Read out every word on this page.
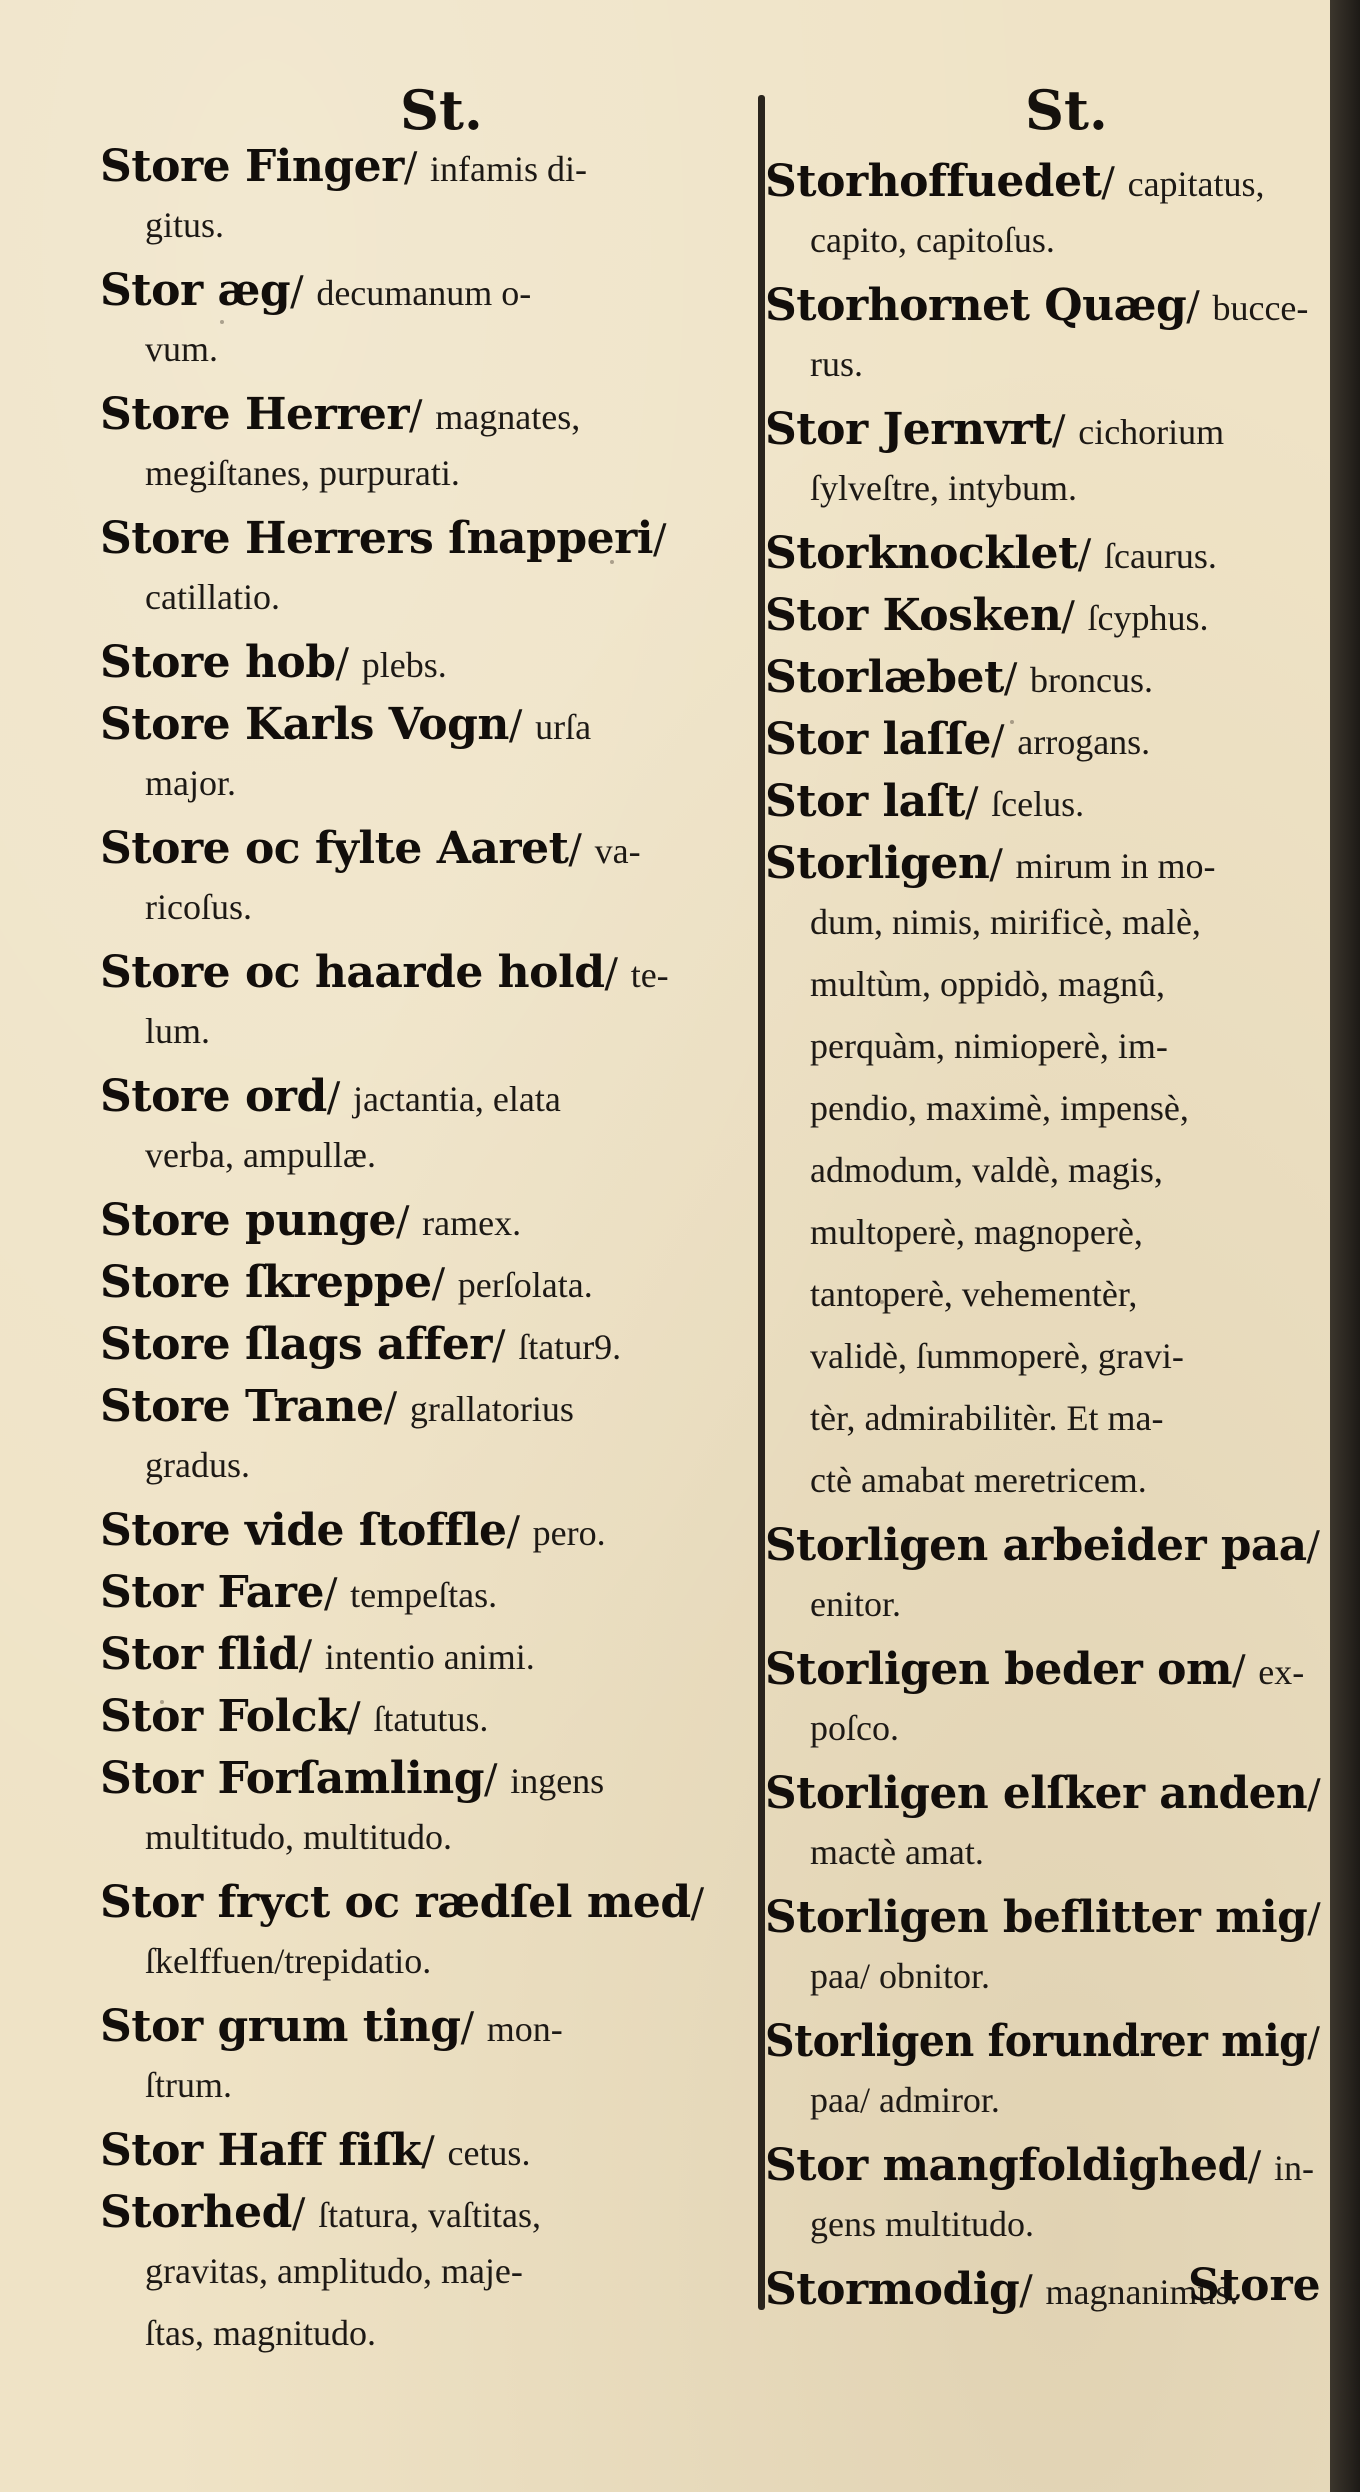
St.
Store Finger/ infamis di-
gitus.
Stor æg/ decumanum o-
vum.
Store Herrer/ magnates,
megiſtanes, purpurati.
Store Herrers ſnapperi/
catillatio.
Store hob/ plebs.
Store Karls Vogn/ urſa
major.
Store oc fylte Aaret/ va-
ricoſus.
Store oc haarde hold/ te-
lum.
Store ord/ jactantia, elata
verba, ampullæ.
Store punge/ ramex.
Store ſkreppe/ perſolata.
Store ſlags affer/ ſtatur9.
Store Trane/ grallatorius
gradus.
Store vide ſtoffle/ pero.
Stor Fare/ tempeſtas.
Stor flid/ intentio animi.
Stor Folck/ ſtatutus.
Stor Forſamling/ ingens
multitudo, multitudo.
Stor fryct oc rædſel med/
ſkelffuen/trepidatio.
Stor grum ting/ mon-
ſtrum.
Stor Haff fiſk/ cetus.
Storhed/ ſtatura, vaſtitas,
gravitas, amplitudo, maje-
ſtas, magnitudo.
St.
Storhoffuedet/ capitatus,
capito, capitoſus.
Storhornet Quæg/ bucce-
rus.
Stor Jernvrt/ cichorium
ſylveſtre, intybum.
Storknocklet/ ſcaurus.
Stor Kosken/ ſcyphus.
Storlæbet/ broncus.
Stor laſſe/ arrogans.
Stor laſt/ ſcelus.
Storligen/ mirum in mo-
dum, nimis, mirificè, malè,
multùm, oppidò, magnû,
perquàm, nimioperè, im-
pendio, maximè, impensè,
admodum, valdè, magis,
multoperè, magnoperè,
tantoperè, vehementèr,
validè, ſummoperè, gravi-
tèr, admirabilitèr. Et ma-
ctè amabat meretricem.
Storligen arbeider paa/
enitor.
Storligen beder om/ ex-
poſco.
Storligen elſker anden/
mactè amat.
Storligen beflitter mig/
paa/ obnitor.
Storligen forundrer mig/
paa/ admiror.
Stor mangfoldighed/ in-
gens multitudo.
Stormodig/ magnanimus.
Store
